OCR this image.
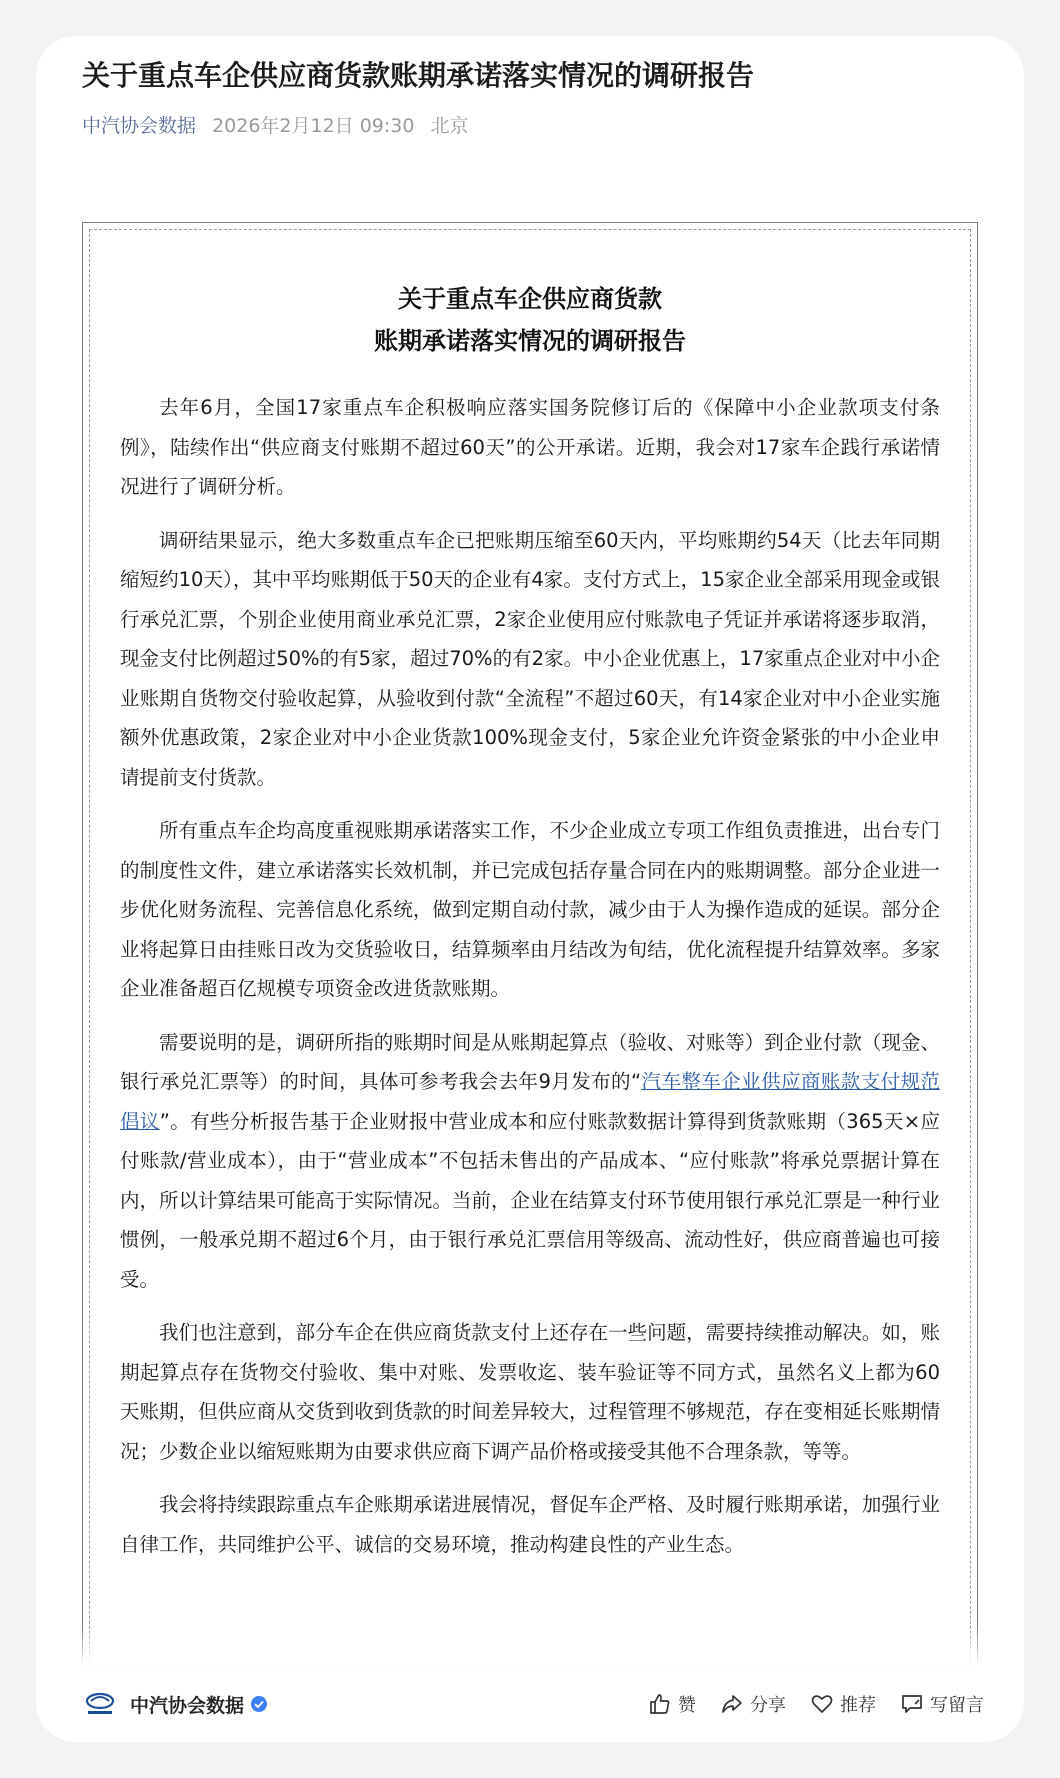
关于重点车企供应商货款账期承诺落实情况的调研报告
中汽协会数据 2026年2月12日 09:30 北京
关于重点车企供应商货款
账期承诺落实情况的调研报告

去年6月，全国17家重点车企积极响应落实国务院修订后的《保障中小企业款项支付条例》，陆续作出“供应商支付账期不超过60天”的公开承诺。近期，我会对17家车企践行承诺情况进行了调研分析。

调研结果显示，绝大多数重点车企已把账期压缩至60天内，平均账期约54天（比去年同期缩短约10天），其中平均账期低于50天的企业有4家。支付方式上，15家企业全部采用现金或银行承兑汇票，个别企业使用商业承兑汇票，2家企业使用应付账款电子凭证并承诺将逐步取消，现金支付比例超过50%的有5家，超过70%的有2家。中小企业优惠上，17家重点企业对中小企业账期自货物交付验收起算，从验收到付款“全流程”不超过60天，有14家企业对中小企业实施额外优惠政策，2家企业对中小企业货款100%现金支付，5家企业允许资金紧张的中小企业申请提前支付货款。

所有重点车企均高度重视账期承诺落实工作，不少企业成立专项工作组负责推进，出台专门的制度性文件，建立承诺落实长效机制，并已完成包括存量合同在内的账期调整。部分企业进一步优化财务流程、完善信息化系统，做到定期自动付款，减少由于人为操作造成的延误。部分企业将起算日由挂账日改为交货验收日，结算频率由月结改为旬结，优化流程提升结算效率。多家企业准备超百亿规模专项资金改进货款账期。

需要说明的是，调研所指的账期时间是从账期起算点（验收、对账等）到企业付款（现金、银行承兑汇票等）的时间，具体可参考我会去年9月发布的“汽车整车企业供应商账款支付规范倡议”。有些分析报告基于企业财报中营业成本和应付账款数据计算得到货款账期（365天×应付账款/营业成本），由于“营业成本”不包括未售出的产品成本、“应付账款”将承兑票据计算在内，所以计算结果可能高于实际情况。当前，企业在结算支付环节使用银行承兑汇票是一种行业惯例，一般承兑期不超过6个月，由于银行承兑汇票信用等级高、流动性好，供应商普遍也可接受。

我们也注意到，部分车企在供应商货款支付上还存在一些问题，需要持续推动解决。如，账期起算点存在货物交付验收、集中对账、发票收迄、装车验证等不同方式，虽然名义上都为60天账期，但供应商从交货到收到货款的时间差异较大，过程管理不够规范，存在变相延长账期情况；少数企业以缩短账期为由要求供应商下调产品价格或接受其他不合理条款，等等。

我会将持续跟踪重点车企账期承诺进展情况，督促车企严格、及时履行账期承诺，加强行业自律工作，共同维护公平、诚信的交易环境，推动构建良性的产业生态。

中汽协会数据	赞	分享	推荐	写留言
